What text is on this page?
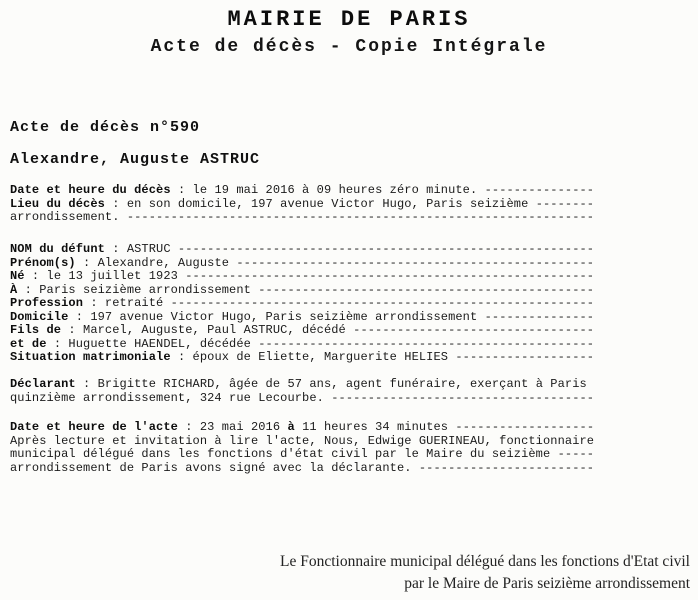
MAIRIE DE PARIS
Acte de décès - Copie Intégrale
Acte de décès n°590
Alexandre, Auguste ASTRUC
Date et heure du décès : le 19 mai 2016 à 09 heures zéro minute. ---------------
Lieu du décès : en son domicile, 197 avenue Victor Hugo, Paris seizième --------
arrondissement. ----------------------------------------------------------------
NOM du défunt : ASTRUC ---------------------------------------------------------
Prénom(s) : Alexandre, Auguste -------------------------------------------------
Né : le 13 juillet 1923 --------------------------------------------------------
À : Paris seizième arrondissement ----------------------------------------------
Profession : retraité ----------------------------------------------------------
Domicile : 197 avenue Victor Hugo, Paris seizième arrondissement ---------------
Fils de : Marcel, Auguste, Paul ASTRUC, décédé ---------------------------------
et de : Huguette HAENDEL, décédée ----------------------------------------------
Situation matrimoniale : époux de Eliette, Marguerite HELIES -------------------
Déclarant : Brigitte RICHARD, âgée de 57 ans, agent funéraire, exerçant à Paris
quinzième arrondissement, 324 rue Lecourbe. ------------------------------------
Date et heure de l'acte : 23 mai 2016 à 11 heures 34 minutes -------------------
Après lecture et invitation à lire l'acte, Nous, Edwige GUERINEAU, fonctionnaire
municipal délégué dans les fonctions d'état civil par le Maire du seizième -----
arrondissement de Paris avons signé avec la déclarante. ------------------------
Le Fonctionnaire municipal délégué dans les fonctions d'Etat civil
par le Maire de Paris seizième arrondissement
